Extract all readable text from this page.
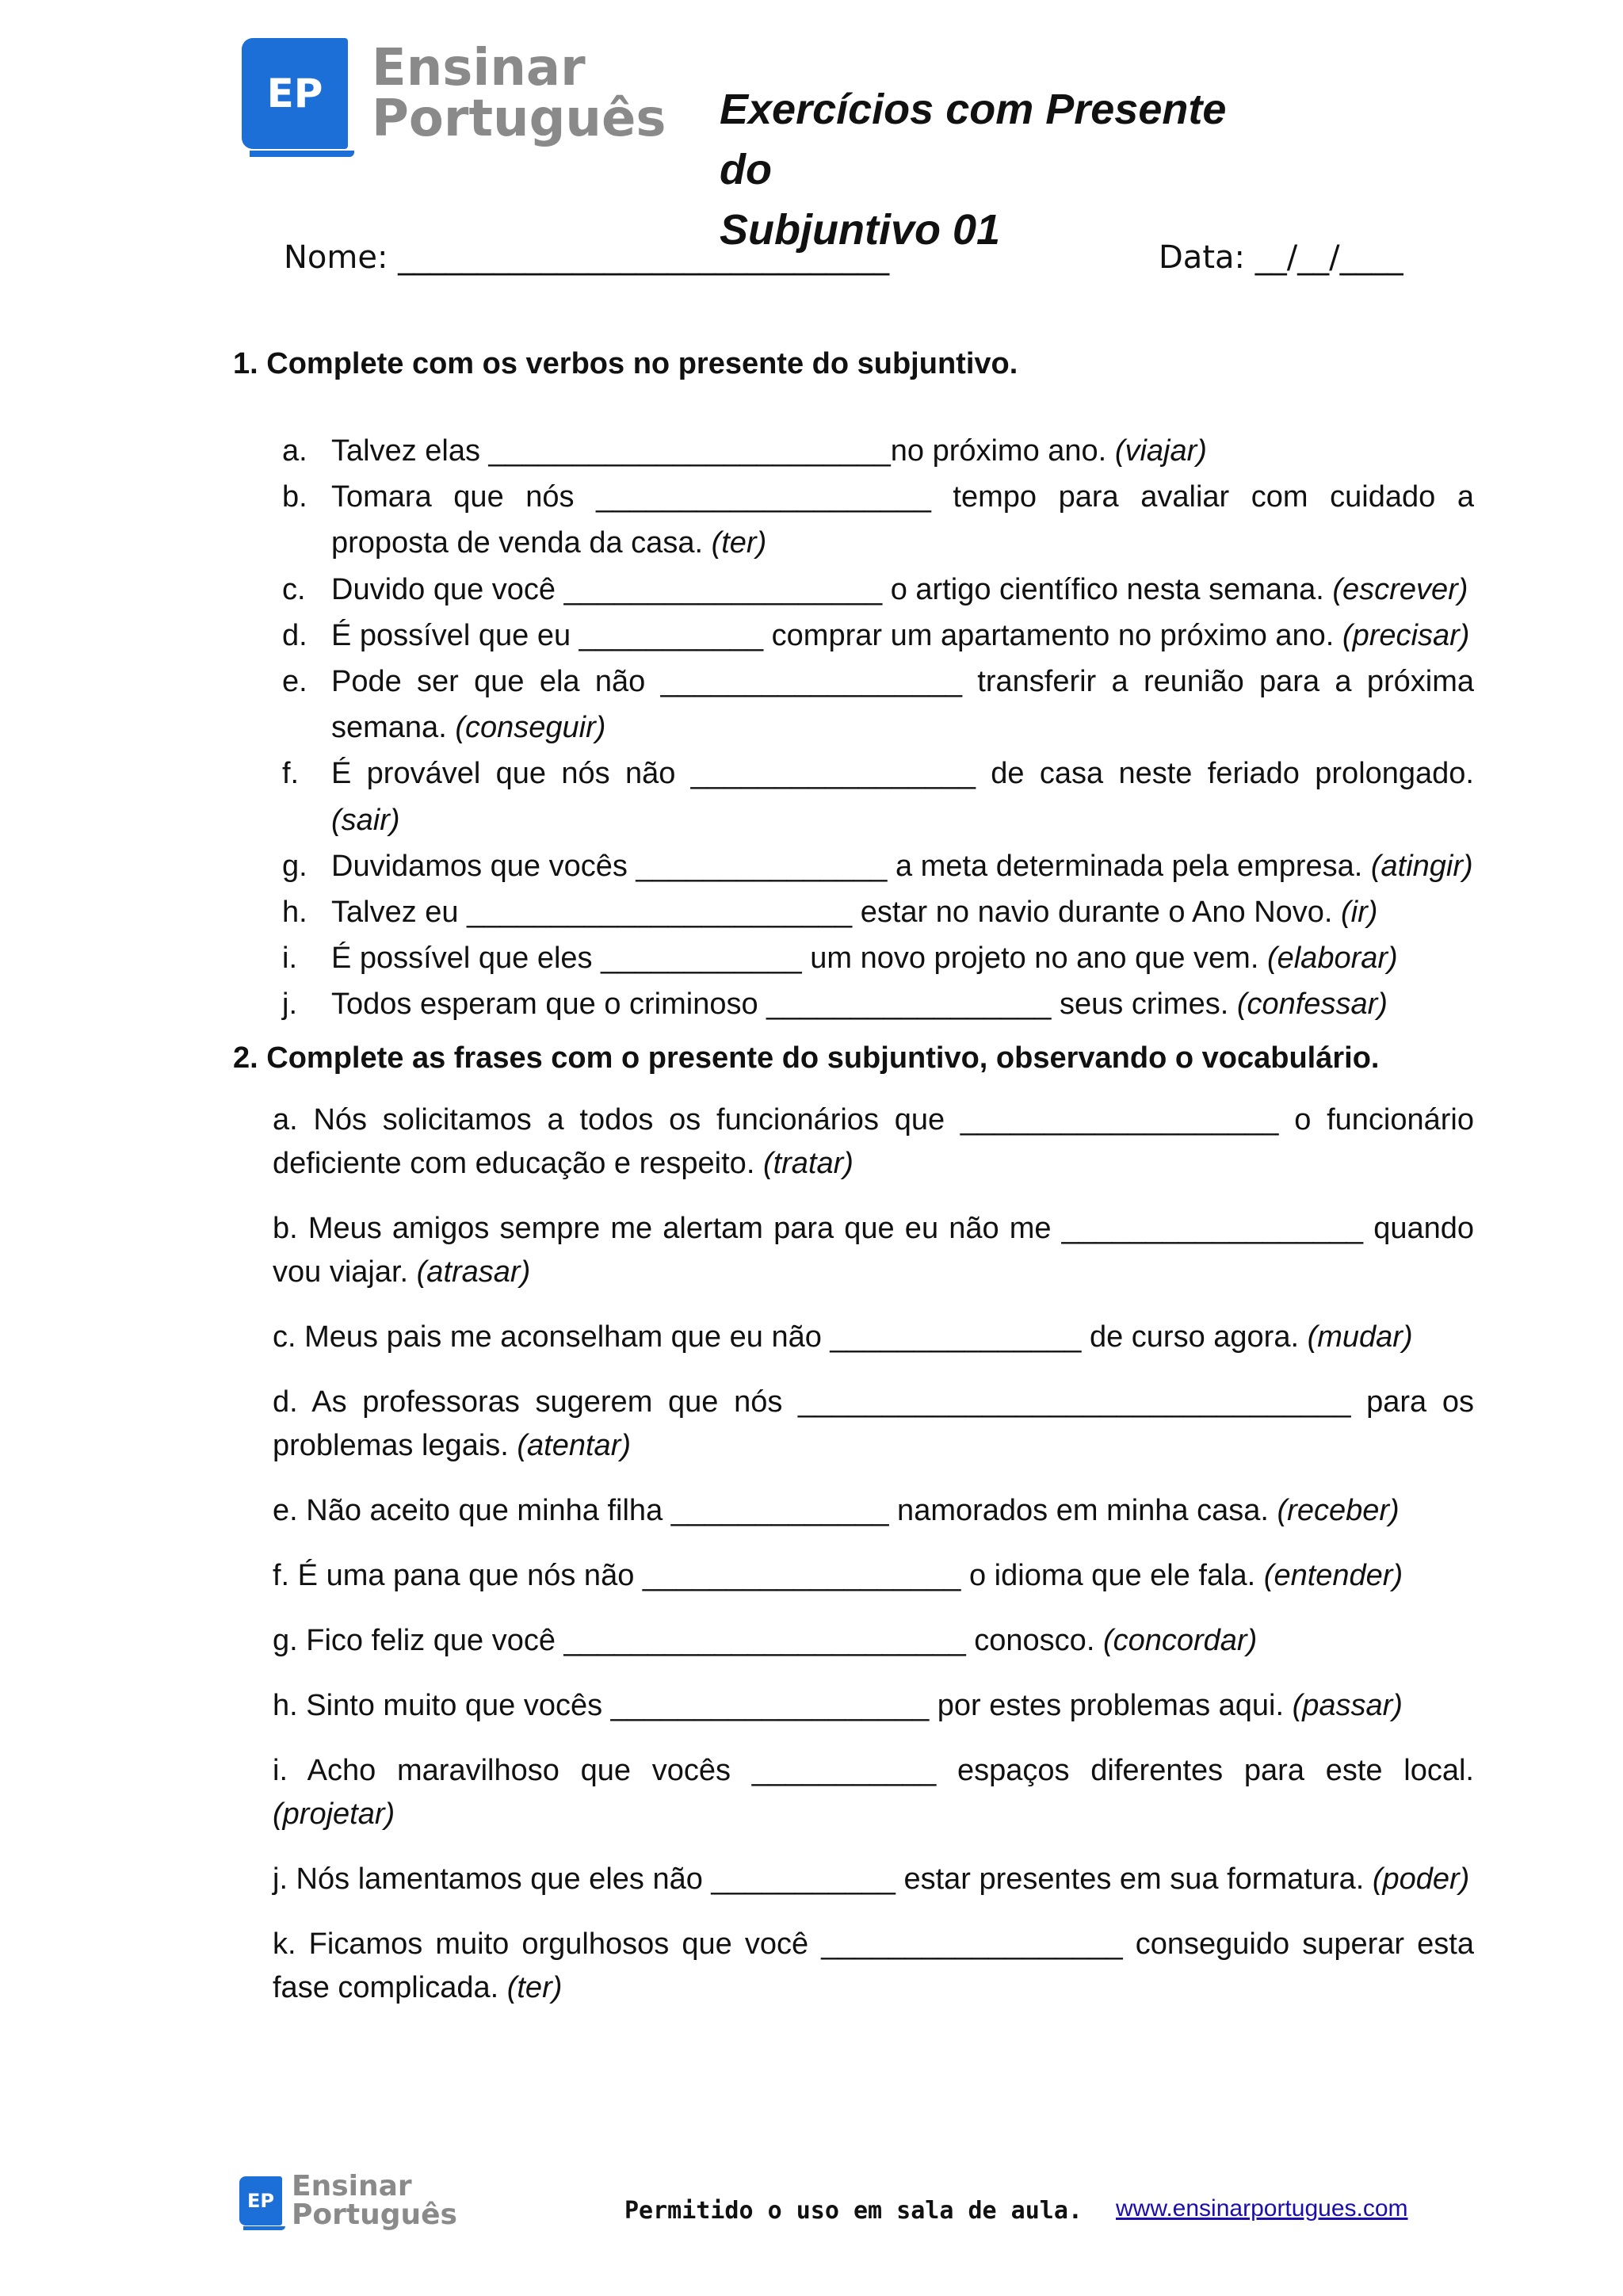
EP Ensinar
Português Exercícios com Presente do
Subjuntivo 01
Nome: _______________________________	Data: __/__/____
1. Complete com os verbos no presente do subjuntivo.
a. Talvez elas ________________________no próximo ano. (viajar)
b. Tomara que nós ____________________ tempo para avaliar com cuidado a proposta de venda da casa. (ter)
c. Duvido que você ___________________ o artigo científico nesta semana. (escrever)
d. É possível que eu ___________ comprar um apartamento no próximo ano. (precisar)
e. Pode ser que ela não __________________ transferir a reunião para a próxima semana. (conseguir)
f.	É provável que nós não _________________ de casa neste feriado prolongado. (sair)
g. Duvidamos que vocês _______________ a meta determinada pela empresa. (atingir)
h. Talvez eu _______________________ estar no navio durante o Ano Novo. (ir)
i.	É possível que eles ____________ um novo projeto no ano que vem. (elaborar)
j.	Todos esperam que o criminoso _________________ seus crimes. (confessar)
2. Complete as frases com o presente do subjuntivo, observando o vocabulário.
a. Nós solicitamos a todos os funcionários que ___________________ o funcionário deficiente com educação e respeito. (tratar)
b. Meus amigos sempre me alertam para que eu não me __________________ quando vou viajar. (atrasar)
c. Meus pais me aconselham que eu não _______________ de curso agora. (mudar)
d. As professoras sugerem que nós _________________________________ para os problemas legais. (atentar)
e. Não aceito que minha filha _____________ namorados em minha casa. (receber)
f. É uma pana que nós não ___________________ o idioma que ele fala. (entender)
g. Fico feliz que você ________________________ conosco. (concordar)
h. Sinto muito que vocês ___________________ por estes problemas aqui. (passar)
i. Acho maravilhoso que vocês ___________ espaços diferentes para este local. (projetar)
j. Nós lamentamos que eles não ___________ estar presentes em sua formatura. (poder)
k. Ficamos muito orgulhosos que você __________________ conseguido superar esta fase complicada. (ter)
EP Ensinar
Português	Permitido o uso em sala de aula. www.ensinarportugues.com
